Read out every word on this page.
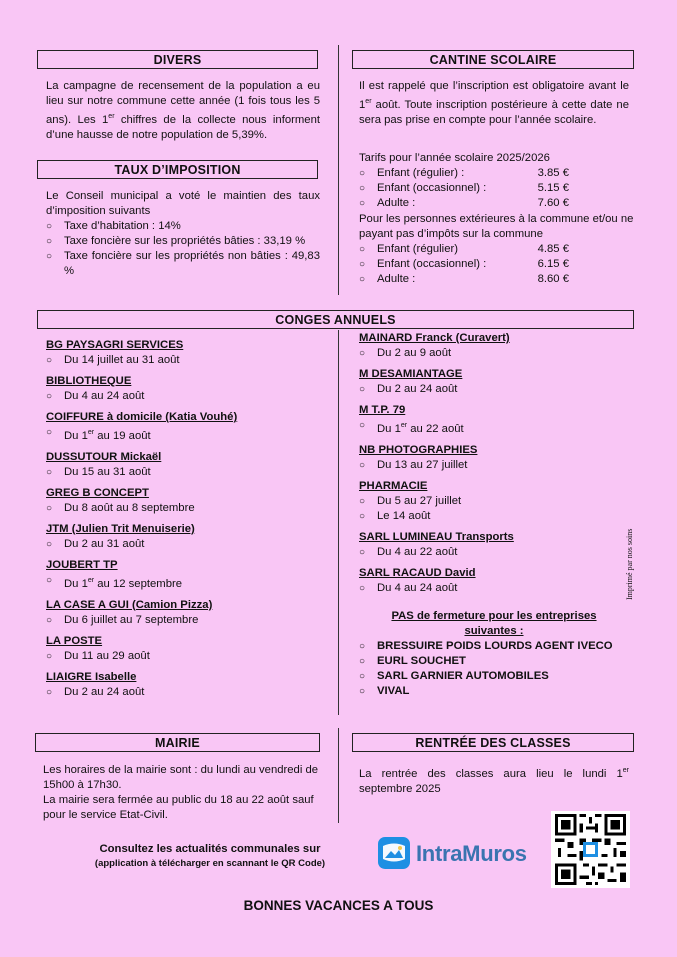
DIVERS
La campagne de recensement de la population a eu lieu sur notre commune cette année (1 fois tous les 5 ans). Les 1er chiffres de la collecte nous informent d’une hausse de notre population de 5,39%.
TAUX D’IMPOSITION
Le Conseil municipal a voté le maintien des taux d’imposition suivants
○ Taxe d’habitation : 14%
○ Taxe foncière sur les propriétés bâties : 33,19 %
○ Taxe foncière sur les propriétés non bâties : 49,83 %
CANTINE SCOLAIRE
Il est rappelé que l’inscription est obligatoire avant le 1er août. Toute inscription postérieure à cette date ne sera pas prise en compte pour l’année scolaire.
Tarifs pour l’année scolaire 2025/2026
○ Enfant (régulier) :	3.85 €
○ Enfant (occasionnel) :	5.15 €
○ Adulte :	7.60 €
Pour les personnes extérieures à la commune et/ou ne payant pas d’impôts sur la commune
○ Enfant (régulier)	4.85 €
○ Enfant (occasionnel) :	6.15 €
○ Adulte :	8.60 €
CONGES ANNUELS
BG PAYSAGRI SERVICES
○ Du 14 juillet au 31 août
BIBLIOTHEQUE
○ Du 4 au 24 août
COIFFURE à domicile (Katia Vouhé)
○ Du 1er au 19 août
DUSSUTOUR Mickaël
○ Du 15 au 31 août
GREG B CONCEPT
○ Du 8 août au 8 septembre
JTM (Julien Trit Menuiserie)
○ Du 2 au 31 août
JOUBERT TP
○ Du 1er au 12 septembre
LA CASE A GUI (Camion Pizza)
○ Du 6 juillet au 7 septembre
LA POSTE
○ Du 11 au 29 août
LIAIGRE Isabelle
○ Du 2 au 24 août
MAINARD Franck (Curavert)
○ Du 2 au 9 août
M DESAMIANTAGE
○ Du 2 au 24 août
M T.P. 79
○ Du 1er au 22 août
NB PHOTOGRAPHIES
○ Du 13 au 27 juillet
PHARMACIE
○ Du 5 au 27 juillet
○ Le 14 août
SARL LUMINEAU Transports
○ Du 4 au 22 août
SARL RACAUD David
○ Du 4 au 24 août
PAS de fermeture pour les entreprises suivantes :
○ BRESSUIRE POIDS LOURDS AGENT IVECO
○ EURL SOUCHET
○ SARL GARNIER AUTOMOBILES
○ VIVAL
Imprimé par nos soins
MAIRIE
Les horaires de la mairie sont : du lundi au vendredi de 15h00 à 17h30.
La mairie sera fermée au public du 18 au 22 août sauf pour le service Etat-Civil.
RENTRÉE DES CLASSES
La rentrée des classes aura lieu le lundi 1er septembre 2025
Consultez les actualités communales sur
(application à télécharger en scannant le QR Code)	IntraMuros
BONNES VACANCES A TOUS
